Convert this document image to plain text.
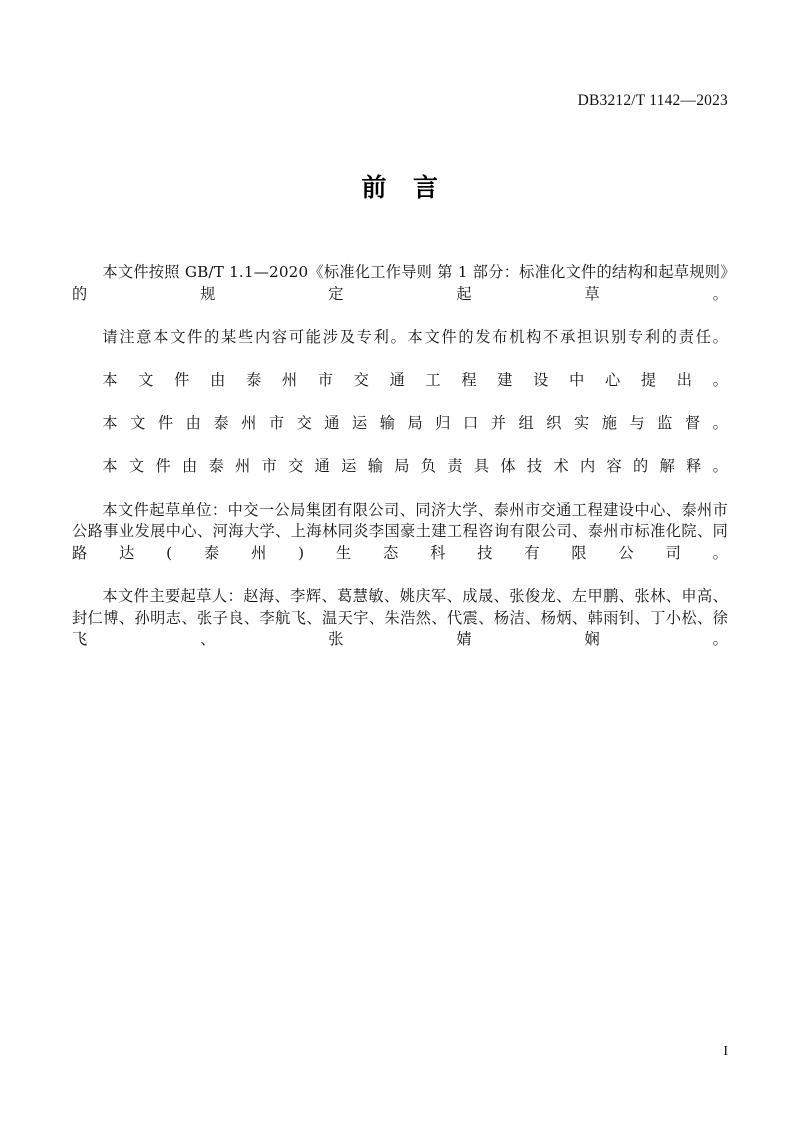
DB3212/T 1142—2023
前 言

本文件按照 GB/T 1.1—2020《标准化工作导则 第 1 部分：标准化文件的结构和起草规则》的规定起草。

请注意本文件的某些内容可能涉及专利。本文件的发布机构不承担识别专利的责任。

本文件由泰州市交通工程建设中心提出。

本文件由泰州市交通运输局归口并组织实施与监督。

本文件由泰州市交通运输局负责具体技术内容的解释。

本文件起草单位：中交一公局集团有限公司、同济大学、泰州市交通工程建设中心、泰州市公路事业发展中心、河海大学、上海林同炎李国豪土建工程咨询有限公司、泰州市标准化院、同路达(泰州)生态科技有限公司。

本文件主要起草人：赵海、李辉、葛慧敏、姚庆军、成晟、张俊龙、左甲鹏、张林、申高、封仁博、孙明志、张子良、李航飞、温天宇、朱浩然、代震、杨洁、杨炳、韩雨钊、丁小松、徐飞、张婧娴。

I
